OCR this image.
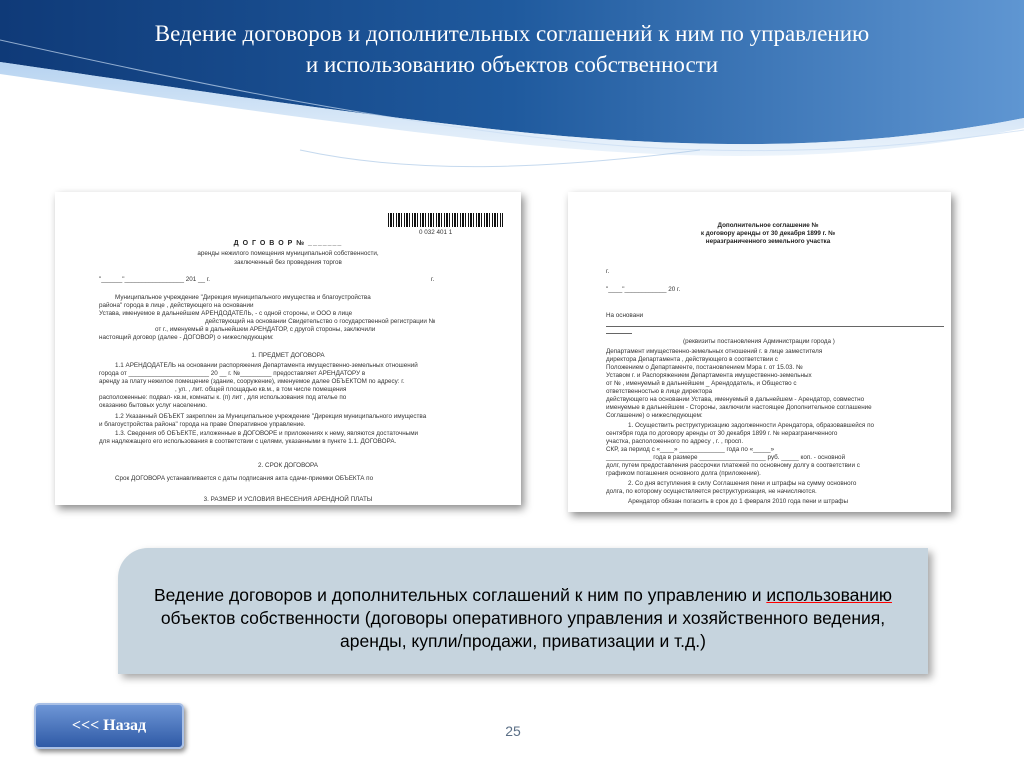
Ведение договоров и дополнительных соглашений к ним по управлению
и использованию объектов собственности

0 032 401 1

Д О Г О В О Р № _______

аренды нежилого помещения муниципальной собственности,

заключенный без проведения торгов

"______"_________________ 201 __ г.	г.

Муниципальное учреждение "Дирекция муниципального имущества и благоустройства

района" города в лице , действующего на основании

Устава, именуемое в дальнейшем АРЕНДОДАТЕЛЬ, - с одной стороны, и ООО в лице

действующий на основании Свидетельство о государственной регистрации №

от г., именуемый в дальнейшем АРЕНДАТОР, с другой стороны, заключили

настоящий договор (далее - ДОГОВОР) о нижеследующем:

1. ПРЕДМЕТ ДОГОВОРА

1.1 АРЕНДОДАТЕЛЬ на основании распоряжения Департамента имущественно-земельных отношений

города от _______________________ 20 __ г. №_________ предоставляет АРЕНДАТОРУ в

аренду за плату нежилое помещение (здание, сооружение), именуемое далее ОБЪЕКТОМ по адресу: г.

, ул. , лит. общей площадью кв.м., в том числе помещения

расположенные: подвал- кв.м, комнаты к. (п) лит , для использования под ателье по

оказанию бытовых услуг населению.

1.2 Указанный ОБЪЕКТ закреплен за Муниципальное учреждение "Дирекция муниципального имущества

и благоустройства района" города на праве Оперативное управление.

1.3. Сведения об ОБЪЕКТЕ, изложенные в ДОГОВОРЕ и приложениях к нему, являются достаточными

для надлежащего его использования в соответствии с целями, указанными в пункте 1.1. ДОГОВОРА.

2. СРОК ДОГОВОРА

Срок ДОГОВОРА устанавливается с даты подписания акта сдачи-приемки ОБЪЕКТА по

3. РАЗМЕР И УСЛОВИЯ ВНЕСЕНИЯ АРЕНДНОЙ ПЛАТЫ

Дополнительное соглашение №

к договору аренды от 30 декабря 1899 г. №

неразграниченного земельного участка

г.

"____"____________ 20 г.

На основани

(реквизиты постановления Администрации города )

Департамент имущественно-земельных отношений г. в лице заместителя

директора Департамента , действующего в соответствии с

Положением о Департаменте, постановлением Мэра г. от 15.03. №

Уставом г. и Распоряжением Департамента имущественно-земельных

от № , именуемый в дальнейшем _ Арендодатель, и Общество с

ответственностью в лице директора

действующего на основании Устава, именуемый в дальнейшем - Арендатор, совместно

именуемые в дальнейшем - Стороны, заключили настоящее Дополнительное соглашение

Соглашение) о нижеследующем:

1. Осуществить реструктуризацию задолженности Арендатора, образовавшейся по

сентября года по договору аренды от 30 декабря 1899 г. № неразграниченного

участка, расположенного по адресу , г. , просп.

СКР, за период с «____» _____________ года по «_____»

_____________ года в размере ___________________ руб. _____ коп. - основной

долг, путем предоставления рассрочки платежей по основному долгу в соответствии с

графиком погашения основного долга (приложение).

2. Со дня вступления в силу Соглашения пени и штрафы на сумму основного

долга, по которому осуществляется реструктуризация, не начисляются.

Арендатор обязан погасить в срок до 1 февраля 2010 года пени и штрафы

Ведение договоров и дополнительных соглашений к ним по управлению и использованию объектов собственности (договоры оперативного управления и хозяйственного ведения, аренды, купли/продажи, приватизации и т.д.)
<<< Назад	25
